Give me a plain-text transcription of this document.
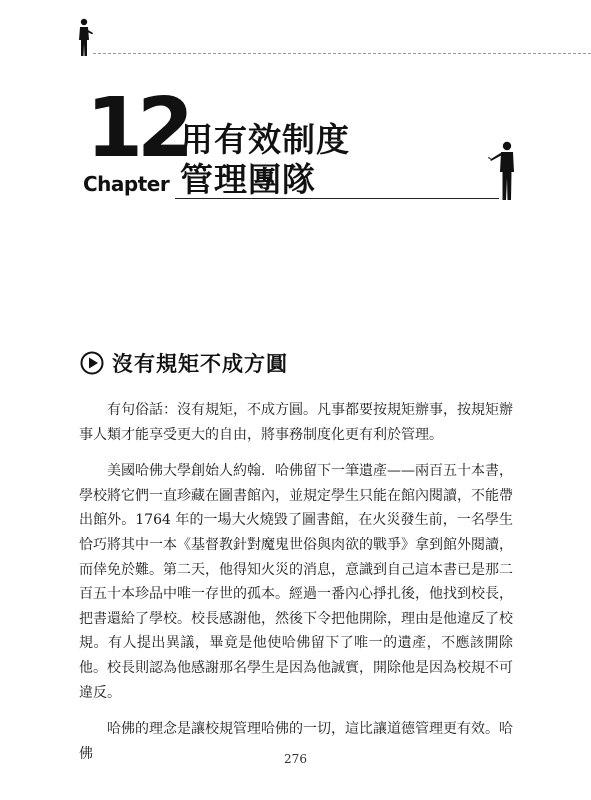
12
Chapter
用有效制度
管理團隊
沒有規矩不成方圓

有句俗話：沒有規矩，不成方圓。凡事都要按規矩辦事，按規矩辦事人類才能享受更大的自由，將事務制度化更有利於管理。

美國哈佛大學創始人約翰．哈佛留下一筆遺產——兩百五十本書，學校將它們一直珍藏在圖書館內，並規定學生只能在館內閱讀，不能帶出館外。1764 年的一場大火燒毀了圖書館，在火災發生前，一名學生恰巧將其中一本《基督教針對魔鬼世俗與肉欲的戰爭》拿到館外閱讀，而倖免於難。第二天，他得知火災的消息，意識到自己這本書已是那二百五十本珍品中唯一存世的孤本。經過一番內心掙扎後，他找到校長，把書還給了學校。校長感謝他，然後下令把他開除，理由是他違反了校規。有人提出異議，畢竟是他使哈佛留下了唯一的遺產，不應該開除他。校長則認為他感謝那名學生是因為他誠實，開除他是因為校規不可違反。

哈佛的理念是讓校規管理哈佛的一切，這比讓道德管理更有效。哈佛	276
